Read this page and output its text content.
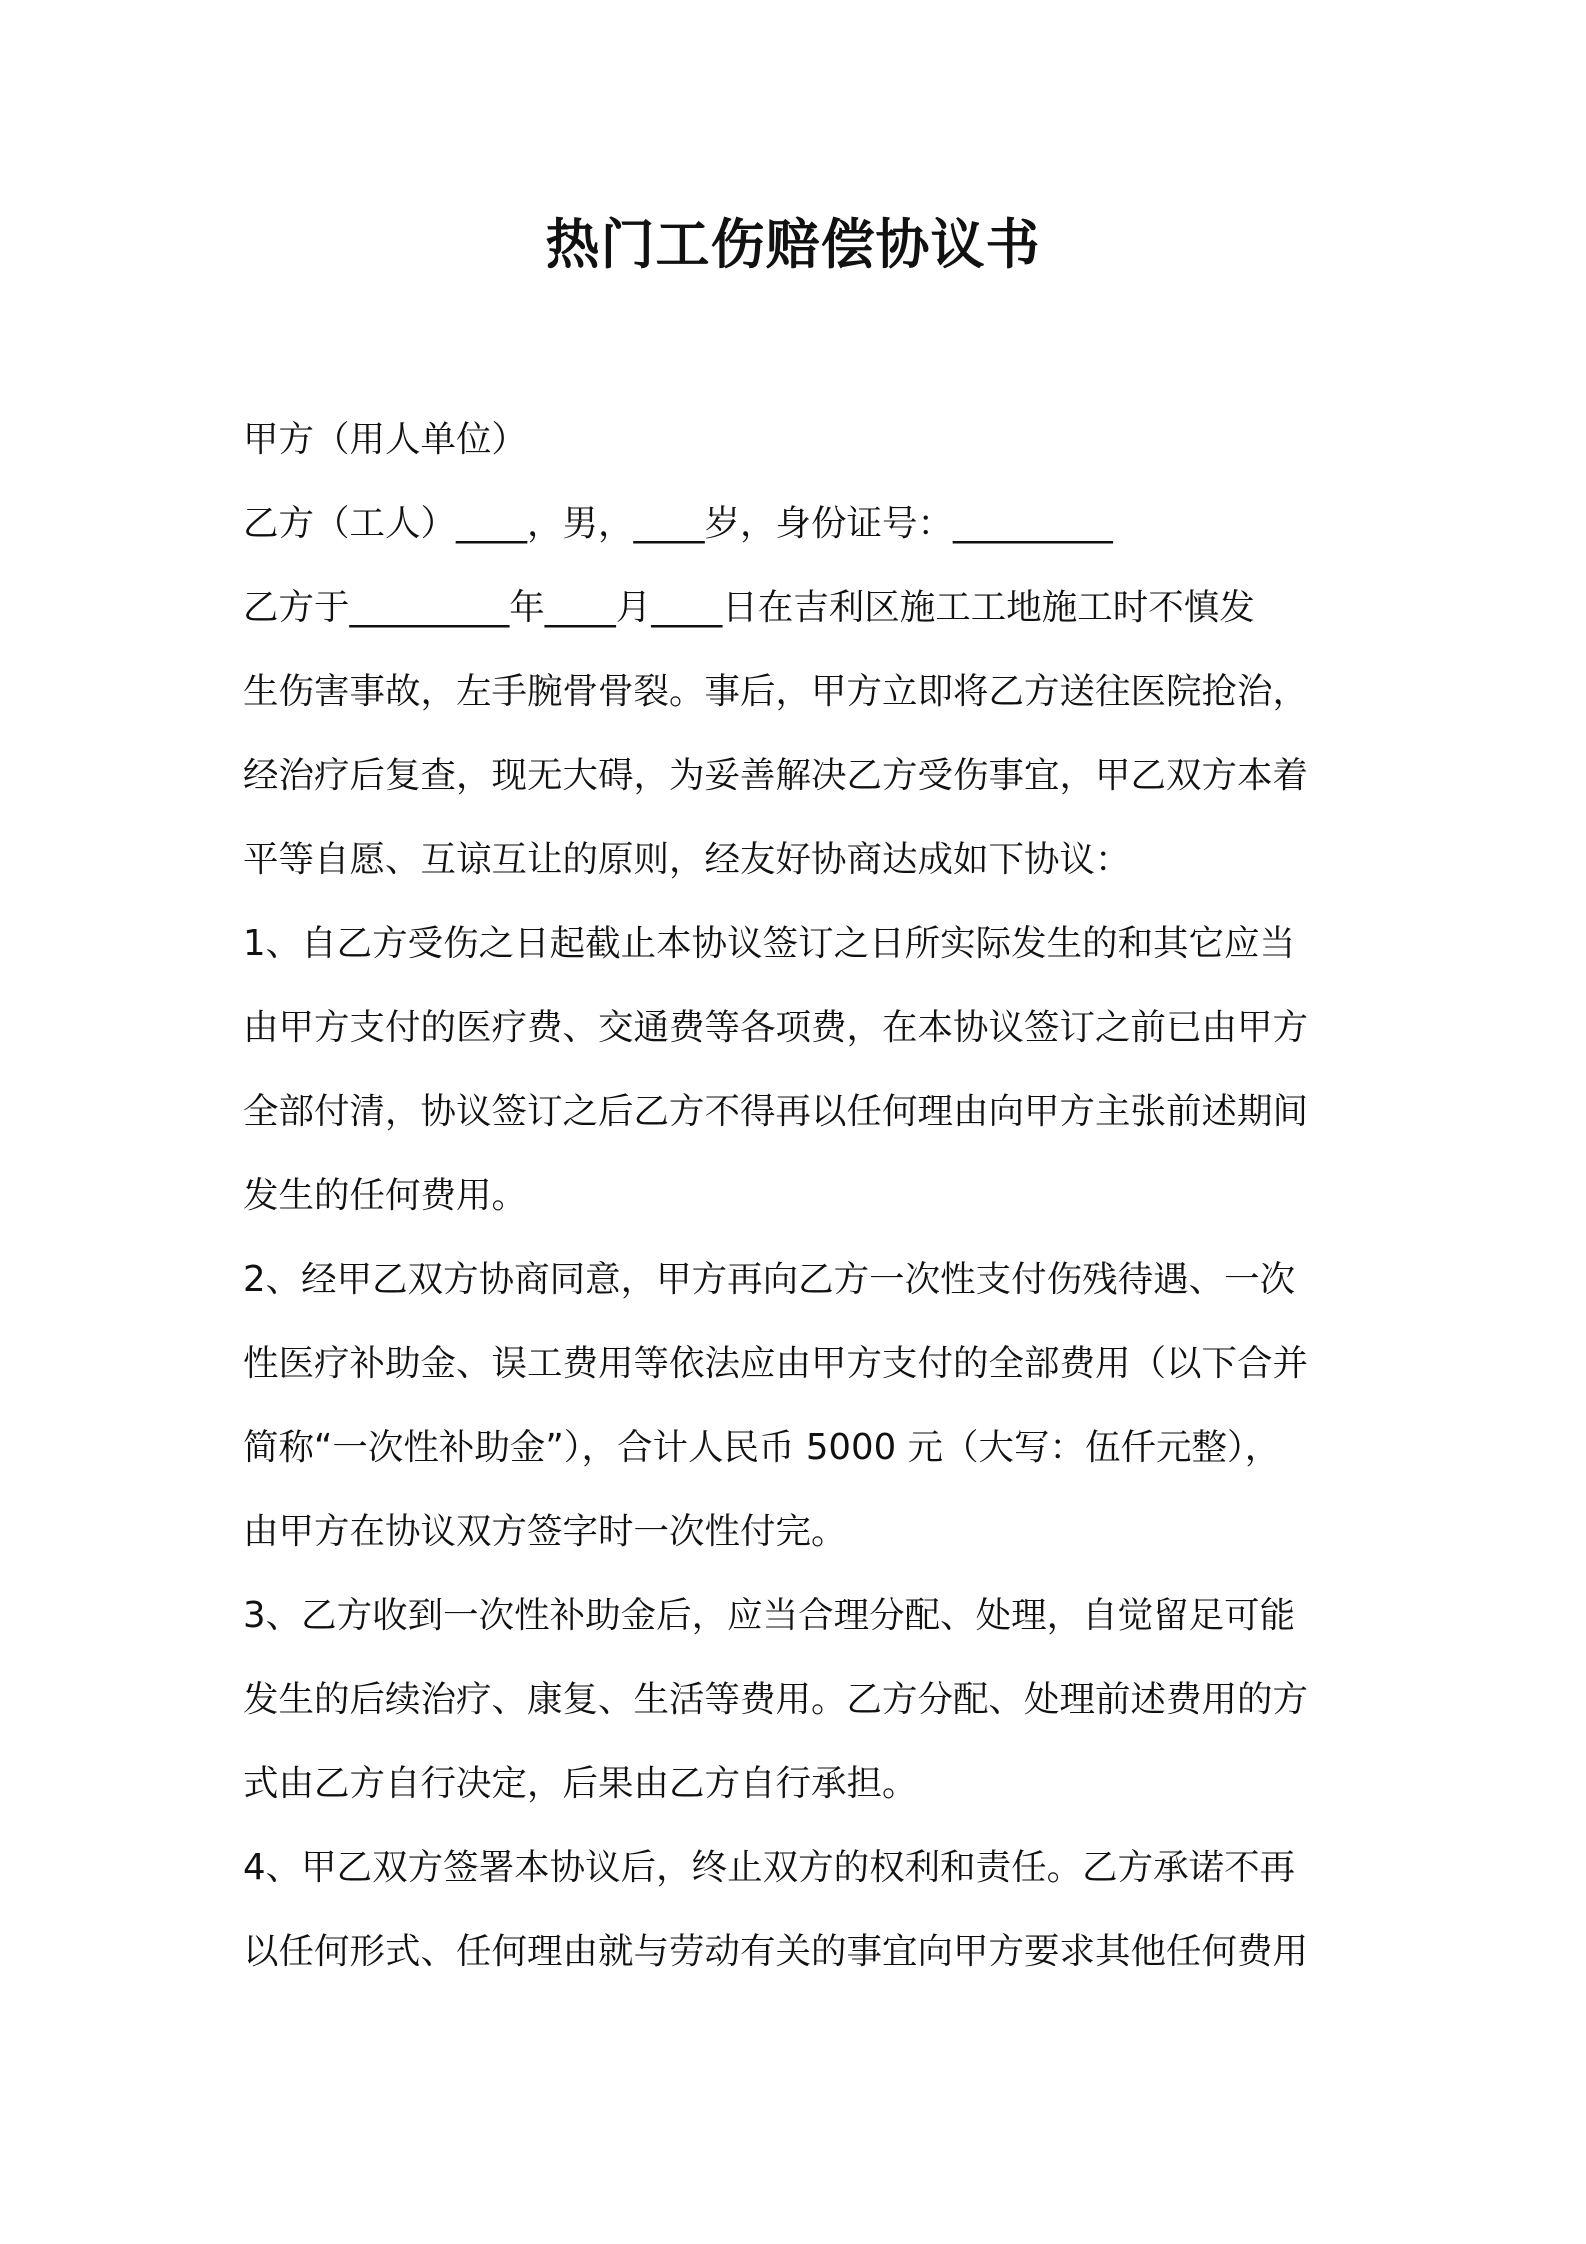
热门工伤赔偿协议书
甲方（用人单位）
乙方（工人）____，男，____岁，身份证号：_________
乙方于_________年____月____日在吉利区施工工地施工时不慎发
生伤害事故，左手腕骨骨裂。事后，甲方立即将乙方送往医院抢治，
经治疗后复查，现无大碍，为妥善解决乙方受伤事宜，甲乙双方本着
平等自愿、互谅互让的原则，经友好协商达成如下协议：
1、自乙方受伤之日起截止本协议签订之日所实际发生的和其它应当
由甲方支付的医疗费、交通费等各项费，在本协议签订之前已由甲方
全部付清，协议签订之后乙方不得再以任何理由向甲方主张前述期间
发生的任何费用。
2、经甲乙双方协商同意，甲方再向乙方一次性支付伤残待遇、一次
性医疗补助金、误工费用等依法应由甲方支付的全部费用（以下合并
简称“一次性补助金”），合计人民币 5000 元（大写：伍仟元整），
由甲方在协议双方签字时一次性付完。
3、乙方收到一次性补助金后，应当合理分配、处理，自觉留足可能
发生的后续治疗、康复、生活等费用。乙方分配、处理前述费用的方
式由乙方自行决定，后果由乙方自行承担。
4、甲乙双方签署本协议后，终止双方的权利和责任。乙方承诺不再
以任何形式、任何理由就与劳动有关的事宜向甲方要求其他任何费用
